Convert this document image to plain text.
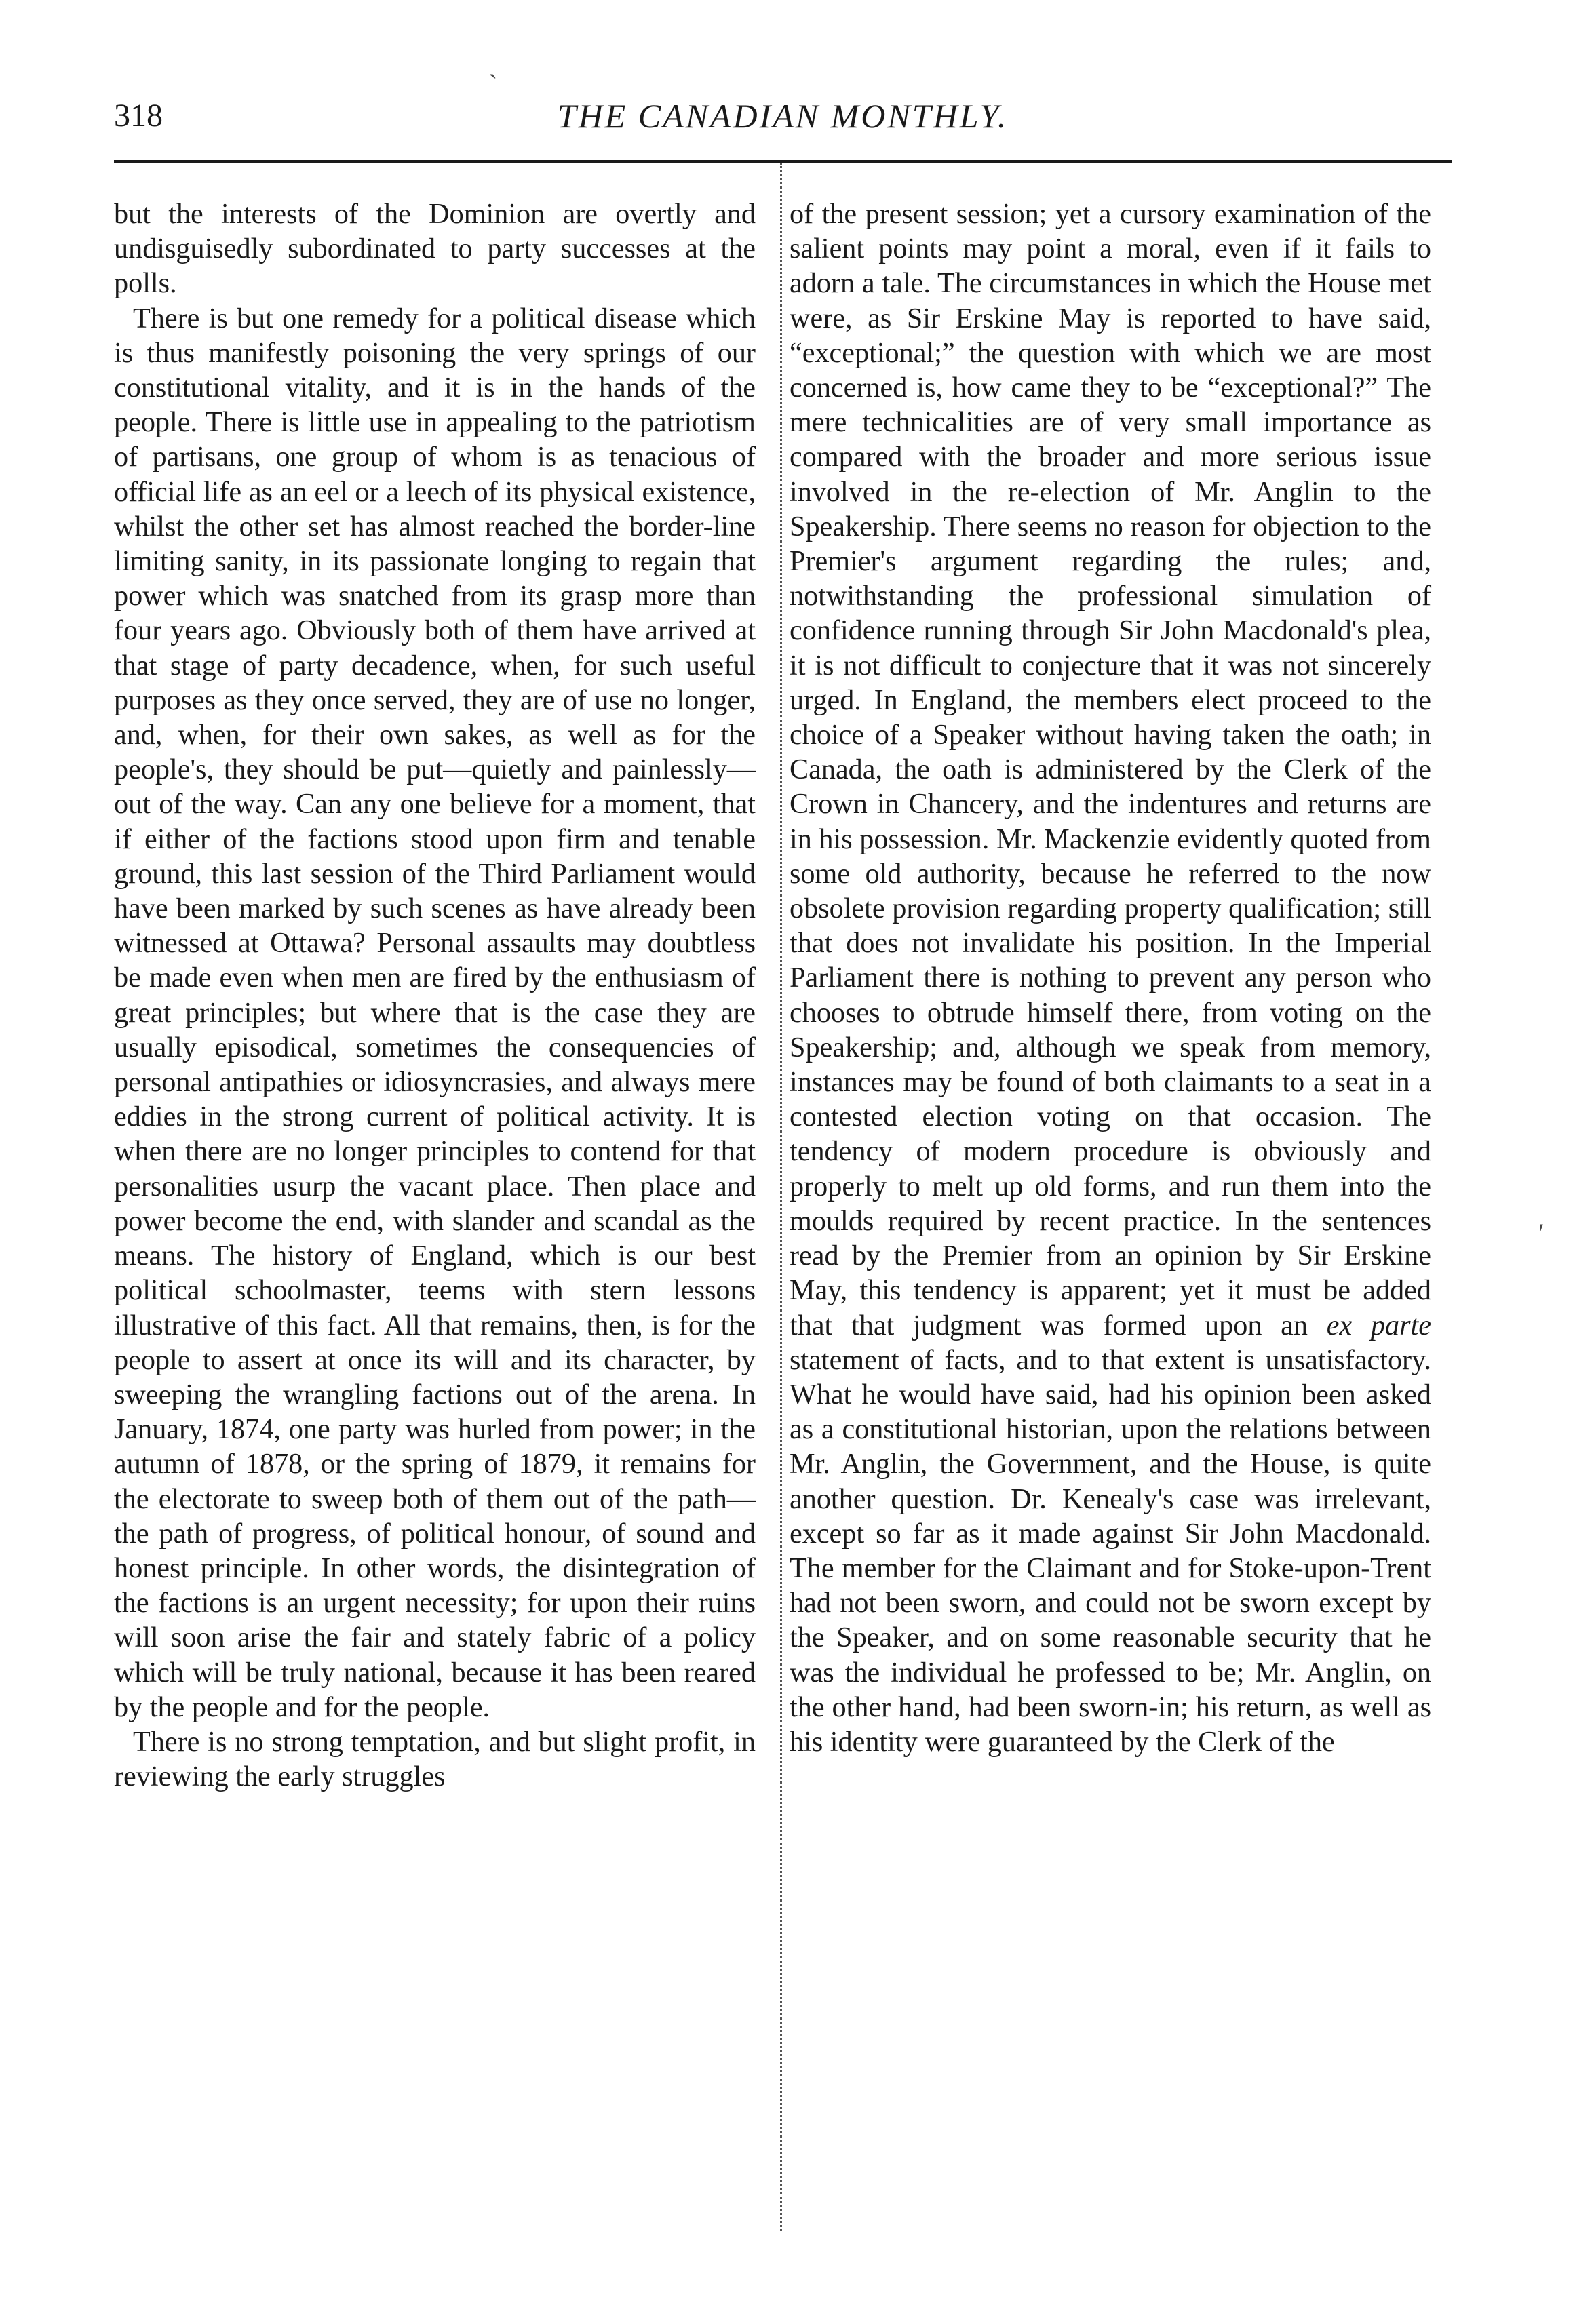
318	THE CANADIAN MONTHLY.

but the interests of the Dominion are overtly and undisguisedly subordinated to party successes at the polls.

There is but one remedy for a political disease which is thus manifestly poisoning the very springs of our constitutional vitality, and it is in the hands of the people. There is little use in appealing to the patriotism of partisans, one group of whom is as tenacious of official life as an eel or a leech of its physical existence, whilst the other set has almost reached the border-line limiting sanity, in its passionate longing to regain that power which was snatched from its grasp more than four years ago. Obviously both of them have arrived at that stage of party decadence, when, for such useful purposes as they once served, they are of use no longer, and, when, for their own sakes, as well as for the people's, they should be put—quietly and painlessly—out of the way. Can any one believe for a moment, that if either of the factions stood upon firm and tenable ground, this last session of the Third Parliament would have been marked by such scenes as have already been witnessed at Ottawa? Personal assaults may doubtless be made even when men are fired by the enthusiasm of great principles; but where that is the case they are usually episodical, sometimes the consequencies of personal antipathies or idiosyncrasies, and always mere eddies in the strong current of political activity. It is when there are no longer principles to contend for that personalities usurp the vacant place. Then place and power become the end, with slander and scandal as the means. The history of England, which is our best political schoolmaster, teems with stern lessons illustrative of this fact. All that remains, then, is for the people to assert at once its will and its character, by sweeping the wrangling factions out of the arena. In January, 1874, one party was hurled from power; in the autumn of 1878, or the spring of 1879, it remains for the electorate to sweep both of them out of the path—the path of progress, of political honour, of sound and honest principle. In other words, the disintegration of the factions is an urgent necessity; for upon their ruins will soon arise the fair and stately fabric of a policy which will be truly national, because it has been reared by the people and for the people.

There is no strong temptation, and but slight profit, in reviewing the early struggles

of the present session; yet a cursory examination of the salient points may point a moral, even if it fails to adorn a tale. The circumstances in which the House met were, as Sir Erskine May is reported to have said, “exceptional;” the question with which we are most concerned is, how came they to be “exceptional?” The mere technicalities are of very small importance as compared with the broader and more serious issue involved in the re-election of Mr. Anglin to the Speakership. There seems no reason for objection to the Premier's argument regarding the rules; and, notwithstanding the professional simulation of confidence running through Sir John Macdonald's plea, it is not difficult to conjecture that it was not sincerely urged. In England, the members elect proceed to the choice of a Speaker without having taken the oath; in Canada, the oath is administered by the Clerk of the Crown in Chancery, and the indentures and returns are in his possession. Mr. Mackenzie evidently quoted from some old authority, because he referred to the now obsolete provision regarding property qualification; still that does not invalidate his position. In the Imperial Parliament there is nothing to prevent any person who chooses to obtrude himself there, from voting on the Speakership; and, although we speak from memory, instances may be found of both claimants to a seat in a contested election voting on that occasion. The tendency of modern procedure is obviously and properly to melt up old forms, and run them into the moulds required by recent practice. In the sentences read by the Premier from an opinion by Sir Erskine May, this tendency is apparent; yet it must be added that that judgment was formed upon an ex parte statement of facts, and to that extent is unsatisfactory. What he would have said, had his opinion been asked as a constitutional historian, upon the relations between Mr. Anglin, the Government, and the House, is quite another question. Dr. Kenealy's case was irrelevant, except so far as it made against Sir John Macdonald. The member for the Claimant and for Stoke-upon-Trent had not been sworn, and could not be sworn except by the Speaker, and on some reasonable security that he was the individual he professed to be; Mr. Anglin, on the other hand, had been sworn-in; his return, as well as his identity were guaranteed by the Clerk of the

ʹ
ˏ
